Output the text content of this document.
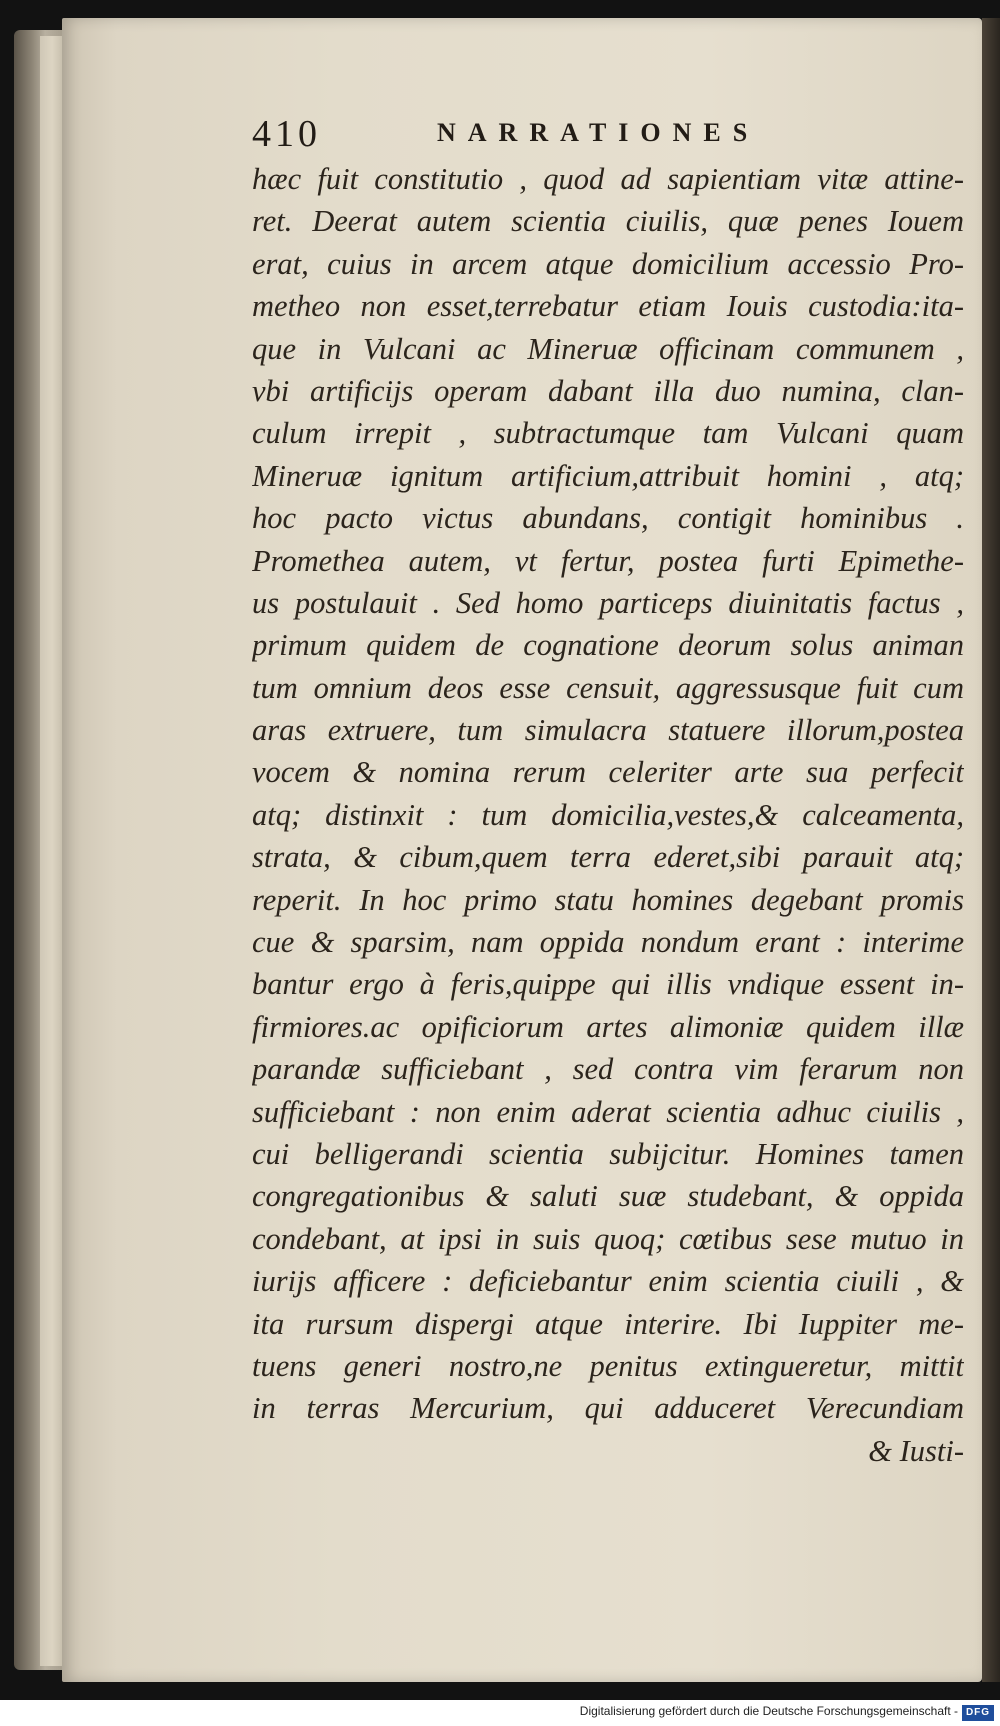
410	NARRATIONES
hæc fuit constitutio , quod ad sapientiam vitæ attine-
ret. Deerat autem scientia ciuilis, quæ penes Iouem
erat, cuius in arcem atque domicilium accessio Pro-
metheo non esset,terrebatur etiam Iouis custodia:ita-
que in Vulcani ac Mineruæ officinam communem ,
vbi artificijs operam dabant illa duo numina, clan-
culum irrepit , subtractumque tam Vulcani quam
Mineruæ ignitum artificium,attribuit homini , atq;
hoc pacto victus abundans, contigit hominibus .
Promethea autem, vt fertur, postea furti Epimethe-
us postulauit . Sed homo particeps diuinitatis factus ,
primum quidem de cognatione deorum solus animan
tum omnium deos esse censuit, aggressusque fuit cum
aras extruere, tum simulacra statuere illorum,postea
vocem & nomina rerum celeriter arte sua perfecit
atq; distinxit : tum domicilia,vestes,& calceamenta,
strata, & cibum,quem terra ederet,sibi parauit atq;
reperit. In hoc primo statu homines degebant promis
cue & sparsim, nam oppida nondum erant : interime
bantur ergo à feris,quippe qui illis vndique essent in-
firmiores.ac opificiorum artes alimoniæ quidem illæ
parandæ sufficiebant , sed contra vim ferarum non
sufficiebant : non enim aderat scientia adhuc ciuilis ,
cui belligerandi scientia subijcitur. Homines tamen
congregationibus & saluti suæ studebant, & oppida
condebant, at ipsi in suis quoq; cœtibus sese mutuo in
iurijs afficere : deficiebantur enim scientia ciuili , &
ita rursum dispergi atque interire. Ibi Iuppiter me-
tuens generi nostro,ne penitus extingueretur, mittit
in terras Mercurium, qui adduceret Verecundiam
& Iusti-
Digitalisierung gefördert durch die Deutsche Forschungsgemeinschaft - DFG
